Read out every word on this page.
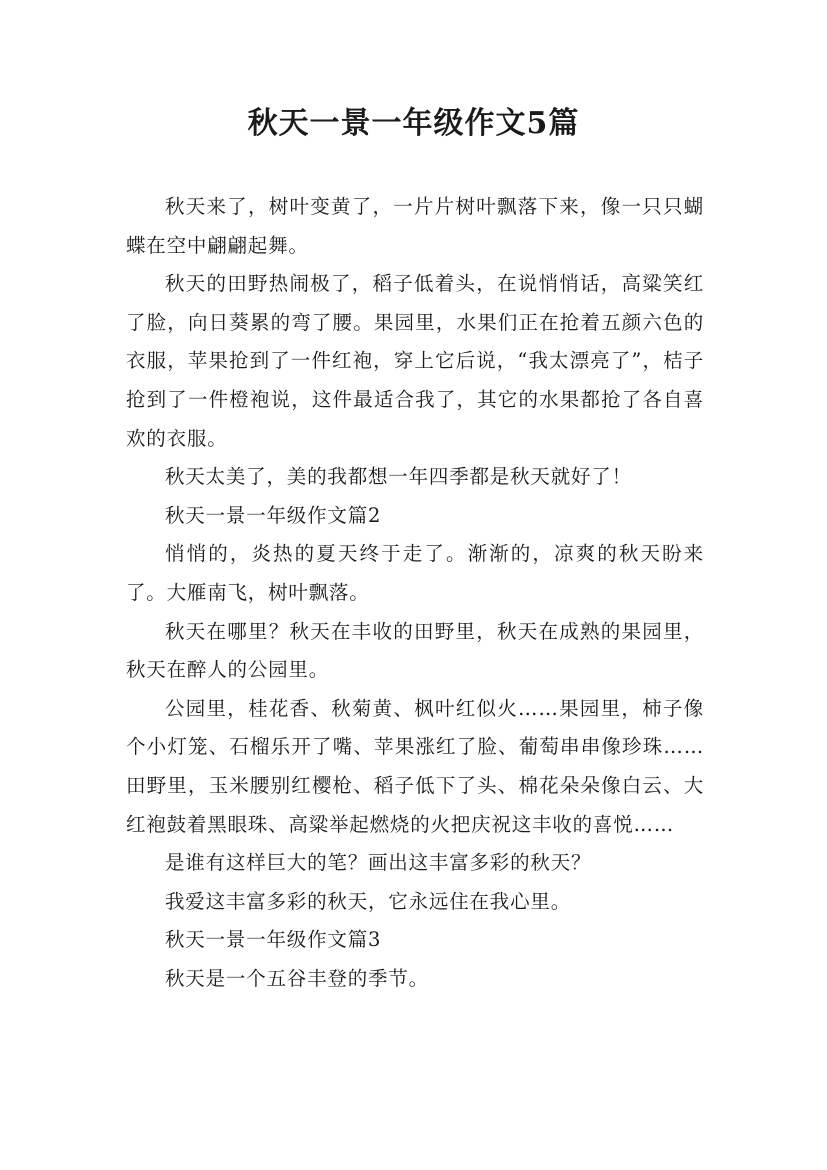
秋天一景一年级作文5篇

秋天来了，树叶变黄了，一片片树叶飘落下来，像一只只蝴蝶在空中翩翩起舞。

秋天的田野热闹极了，稻子低着头，在说悄悄话，高粱笑红了脸，向日葵累的弯了腰。果园里，水果们正在抢着五颜六色的衣服，苹果抢到了一件红袍，穿上它后说，“我太漂亮了”，桔子抢到了一件橙袍说，这件最适合我了，其它的水果都抢了各自喜欢的衣服。

秋天太美了，美的我都想一年四季都是秋天就好了！

秋天一景一年级作文篇2

悄悄的，炎热的夏天终于走了。渐渐的，凉爽的秋天盼来了。大雁南飞，树叶飘落。

秋天在哪里？秋天在丰收的田野里，秋天在成熟的果园里，秋天在醉人的公园里。

公园里，桂花香、秋菊黄、枫叶红似火……果园里，柿子像个小灯笼、石榴乐开了嘴、苹果涨红了脸、葡萄串串像珍珠……田野里，玉米腰别红樱枪、稻子低下了头、棉花朵朵像白云、大红袍鼓着黑眼珠、高粱举起燃烧的火把庆祝这丰收的喜悦……

是谁有这样巨大的笔？画出这丰富多彩的秋天？

我爱这丰富多彩的秋天，它永远住在我心里。

秋天一景一年级作文篇3

秋天是一个五谷丰登的季节。
